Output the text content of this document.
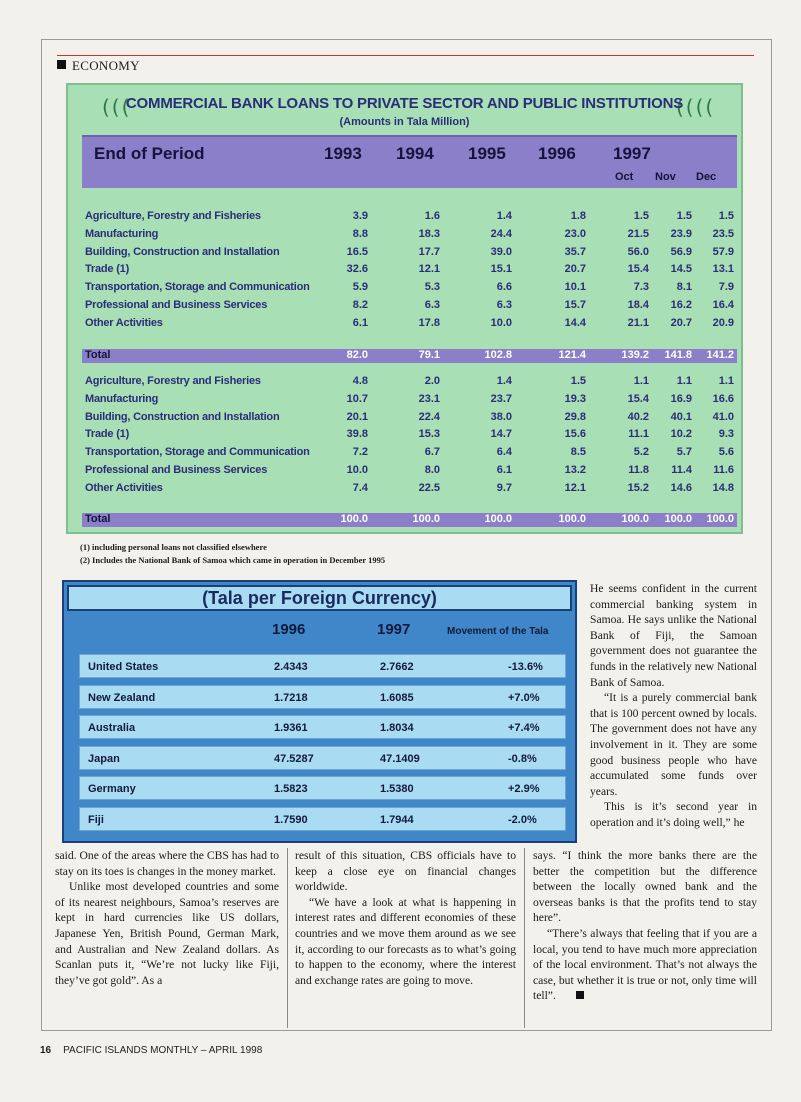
ECONOMY
(((	((((
COMMERCIAL BANK LOANS TO PRIVATE SECTOR AND PUBLIC INSTITUTIONS
(Amounts in Tala Million)
End of Period	1993 1994 1995 1996 1997
Oct Nov Dec
Agriculture, Forestry and Fisheries	3.9	1.6	1.4	1.8	1.5	1.5	1.5
Manufacturing	8.8	18.3	24.4	23.0	21.5	23.9	23.5
Building, Construction and Installation	16.5	17.7	39.0	35.7	56.0	56.9	57.9
Trade (1)	32.6	12.1	15.1	20.7	15.4	14.5	13.1
Transportation, Storage and Communication	5.9	5.3	6.6	10.1	7.3	8.1	7.9
Professional and Business Services	8.2	6.3	6.3	15.7	18.4	16.2	16.4
Other Activities	6.1	17.8	10.0	14.4	21.1	20.7	20.9
Total	82.0	79.1	102.8	121.4	139.2	141.8	141.2
Agriculture, Forestry and Fisheries	4.8	2.0	1.4	1.5	1.1	1.1	1.1
Manufacturing	10.7	23.1	23.7	19.3	15.4	16.9	16.6
Building, Construction and Installation	20.1	22.4	38.0	29.8	40.2	40.1	41.0
Trade (1)	39.8	15.3	14.7	15.6	11.1	10.2	9.3
Transportation, Storage and Communication	7.2	6.7	6.4	8.5	5.2	5.7	5.6
Professional and Business Services	10.0	8.0	6.1	13.2	11.8	11.4	11.6
Other Activities	7.4	22.5	9.7	12.1	15.2	14.6	14.8
Total	100.0	100.0	100.0	100.0	100.0	100.0	100.0
(1) including personal loans not classified elsewhere
(2) Includes the National Bank of Samoa which came in operation in December 1995
(Tala per Foreign Currency)
1996	1997	Movement of the Tala
United States	2.4343	2.7662	-13.6%
New Zealand	1.7218	1.6085	+7.0%
Australia	1.9361	1.8034	+7.4%
Japan	47.5287	47.1409	-0.8%
Germany	1.5823	1.5380	+2.9%
Fiji	1.7590	1.7944	-2.0%

He seems confident in the current commercial banking system in Samoa. He says unlike the National Bank of Fiji, the Samoan government does not guarantee the funds in the relatively new National Bank of Samoa.

“It is a purely commercial bank that is 100 percent owned by locals. The government does not have any involvement in it. They are some good business people who have accumulated some funds over years.

This is it’s second year in operation and it’s doing well,” he

said. One of the areas where the CBS has had to stay on its toes is changes in the money market.

Unlike most developed countries and some of its nearest neighbours, Samoa’s reserves are kept in hard currencies like US dollars, Japanese Yen, British Pound, German Mark, and Australian and New Zealand dollars. As Scanlan puts it, “We’re not lucky like Fiji, they’ve got gold”. As a

result of this situation, CBS officials have to keep a close eye on financial changes worldwide.

“We have a look at what is happening in interest rates and different economies of these countries and we move them around as we see it, according to our forecasts as to what’s going to happen to the economy, where the interest and exchange rates are going to move.

says. “I think the more banks there are the better the competition but the difference between the locally owned bank and the overseas banks is that the profits tend to stay here”.

“There’s always that feeling that if you are a local, you tend to have much more appreciation of the local environment. That’s not always the case, but whether it is true or not, only time will tell”.

16 PACIFIC ISLANDS MONTHLY – APRIL 1998
